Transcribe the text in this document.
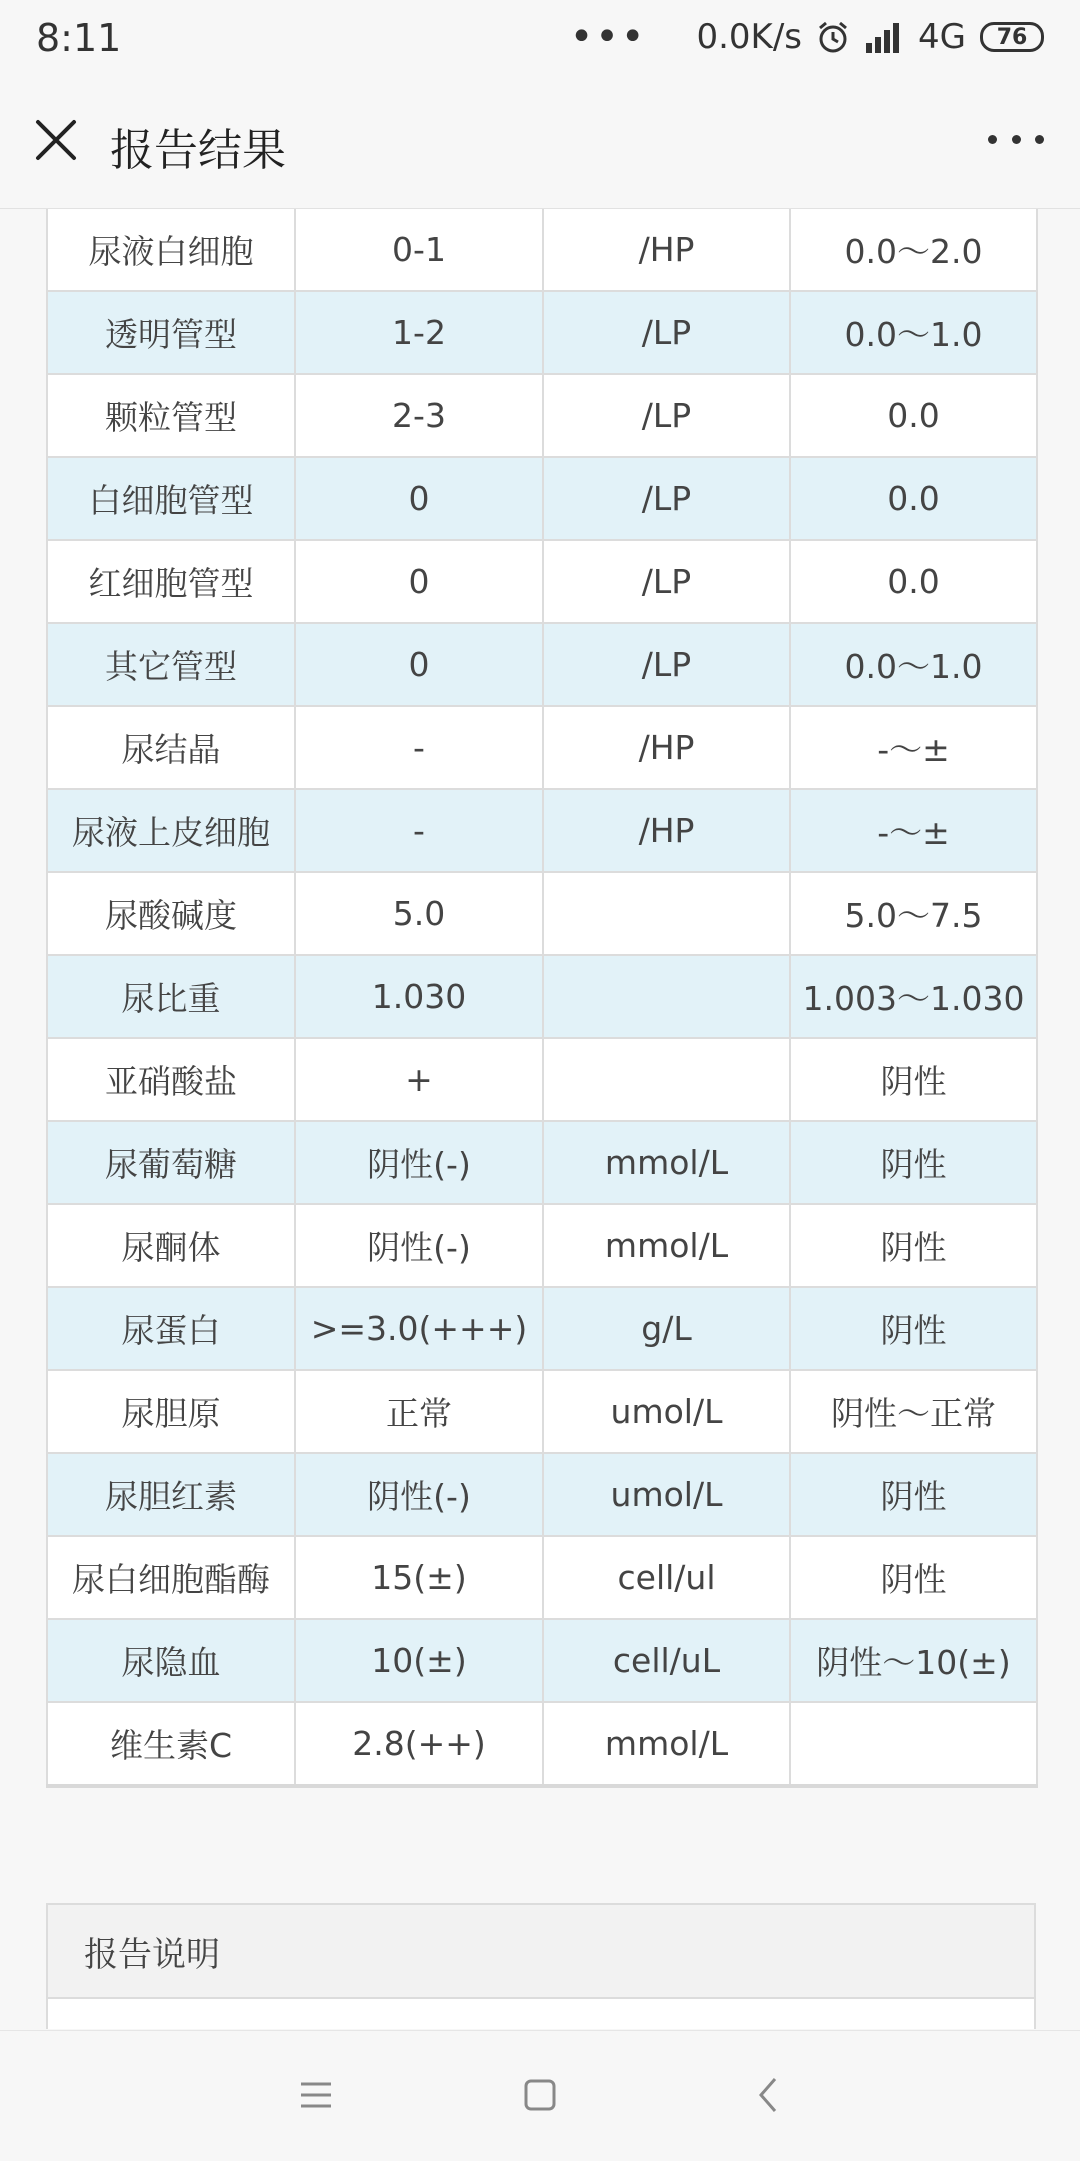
8:11	••• 0.0K/s	4G 76
报告结果

尿液白细胞	0-1	/HP	0.0～2.0
透明管型	1-2	/LP	0.0～1.0
颗粒管型	2-3	/LP	0.0
白细胞管型	0	/LP	0.0
红细胞管型	0	/LP	0.0
其它管型	0	/LP	0.0～1.0
尿结晶	-	/HP	-～±
尿液上皮细胞	-	/HP	-～±
尿酸碱度	5.0		5.0～7.5
尿比重	1.030		1.003～1.030
亚硝酸盐	+		阴性
尿葡萄糖	阴性(-)	mmol/L	阴性
尿酮体	阴性(-)	mmol/L	阴性
尿蛋白	>=3.0(+++)	g/L	阴性
尿胆原	正常	umol/L	阴性～正常
尿胆红素	阴性(-)	umol/L	阴性
尿白细胞酯酶	15(±)	cell/ul	阴性
尿隐血	10(±)	cell/uL	阴性～10(±)
维生素C	2.8(++)	mmol/L	
报告说明
